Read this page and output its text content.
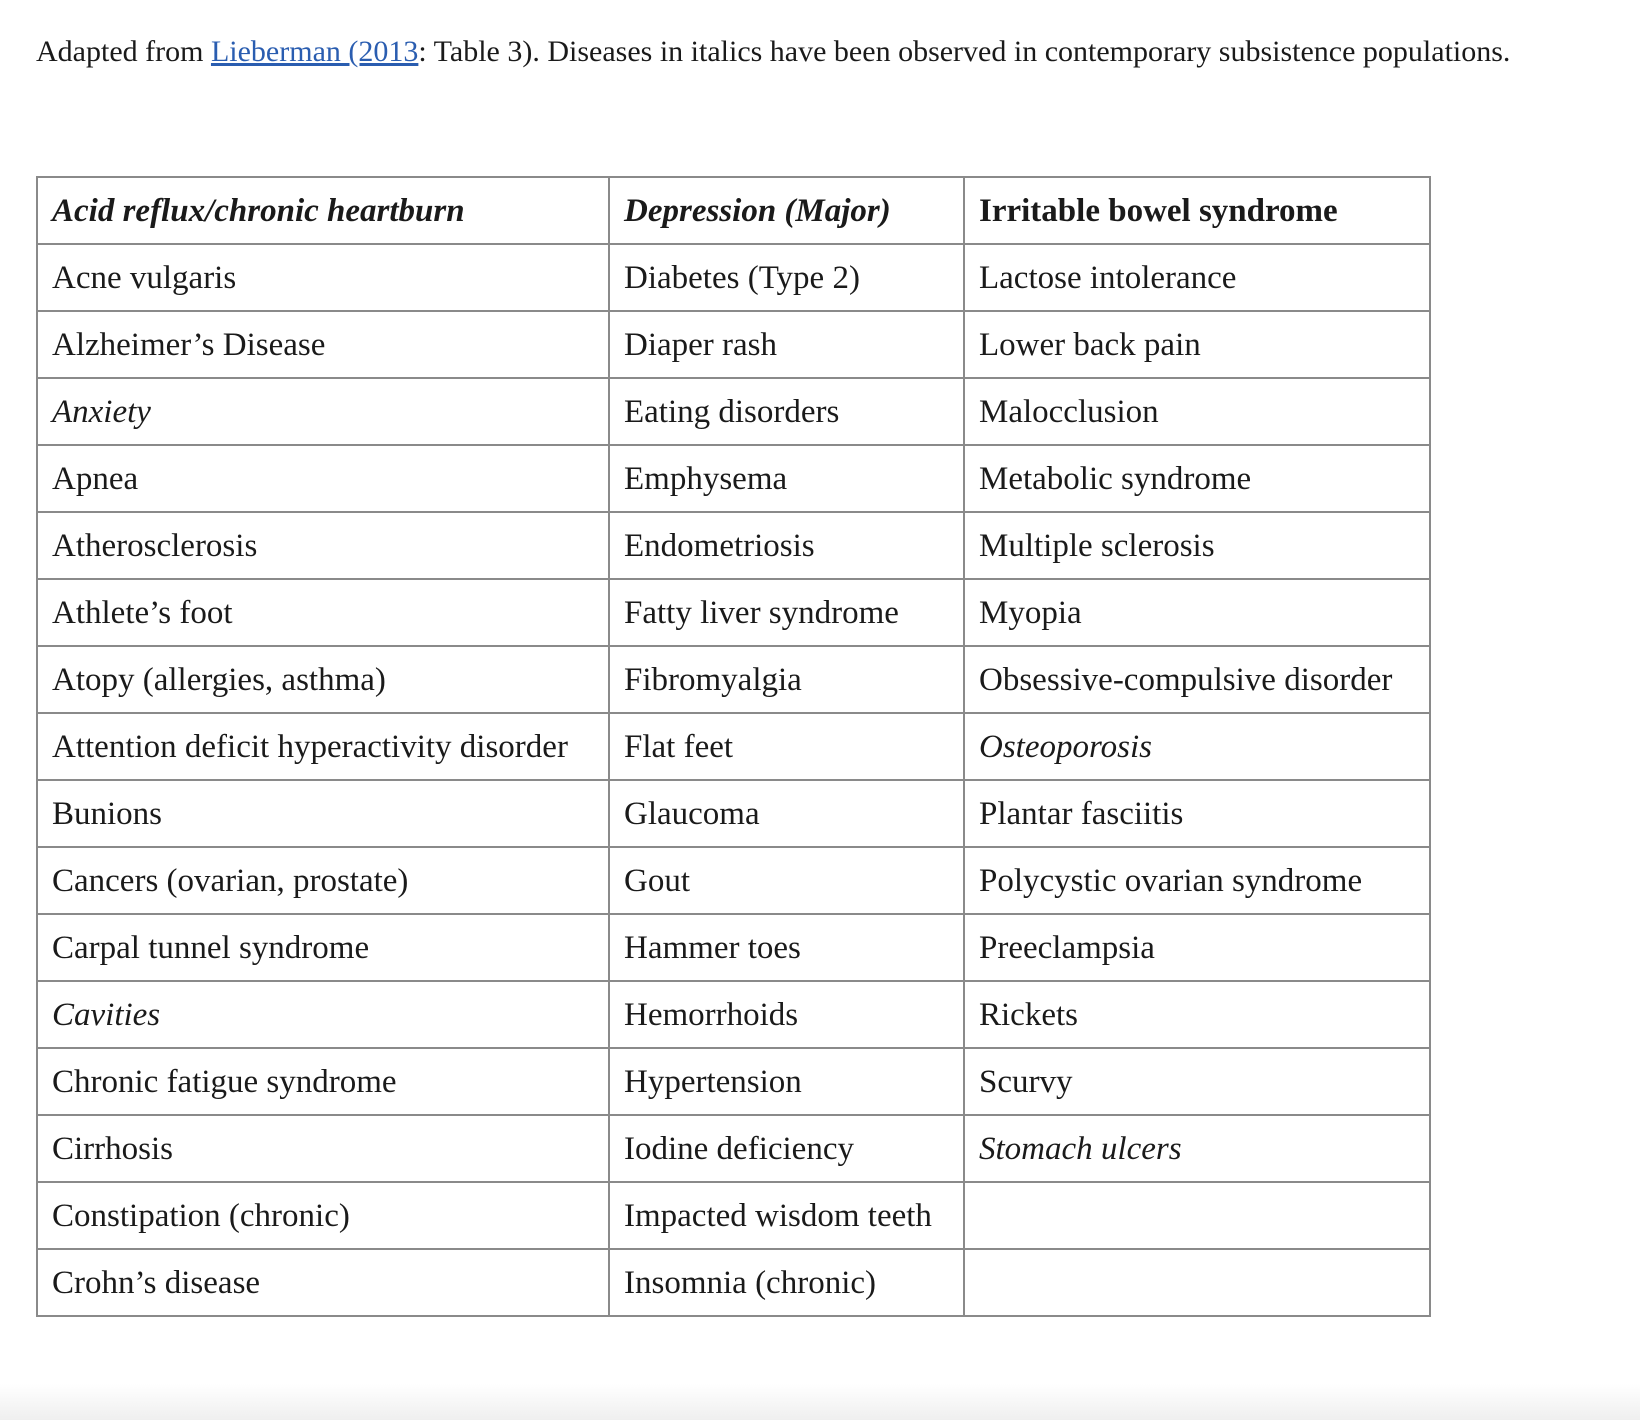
Adapted from Lieberman (2013: Table 3). Diseases in italics have been observed in contemporary subsistence populations.

Acid reflux/chronic heartburn	Depression (Major)	Irritable bowel syndrome
Acne vulgaris	Diabetes (Type 2)	Lactose intolerance
Alzheimer’s Disease	Diaper rash	Lower back pain
Anxiety	Eating disorders	Malocclusion
Apnea	Emphysema	Metabolic syndrome
Atherosclerosis	Endometriosis	Multiple sclerosis
Athlete’s foot	Fatty liver syndrome	Myopia
Atopy (allergies, asthma)	Fibromyalgia	Obsessive-compulsive disorder
Attention deficit hyperactivity disorder	Flat feet	Osteoporosis
Bunions	Glaucoma	Plantar fasciitis
Cancers (ovarian, prostate)	Gout	Polycystic ovarian syndrome
Carpal tunnel syndrome	Hammer toes	Preeclampsia
Cavities	Hemorrhoids	Rickets
Chronic fatigue syndrome	Hypertension	Scurvy
Cirrhosis	Iodine deficiency	Stomach ulcers
Constipation (chronic)	Impacted wisdom teeth	
Crohn’s disease	Insomnia (chronic)	
